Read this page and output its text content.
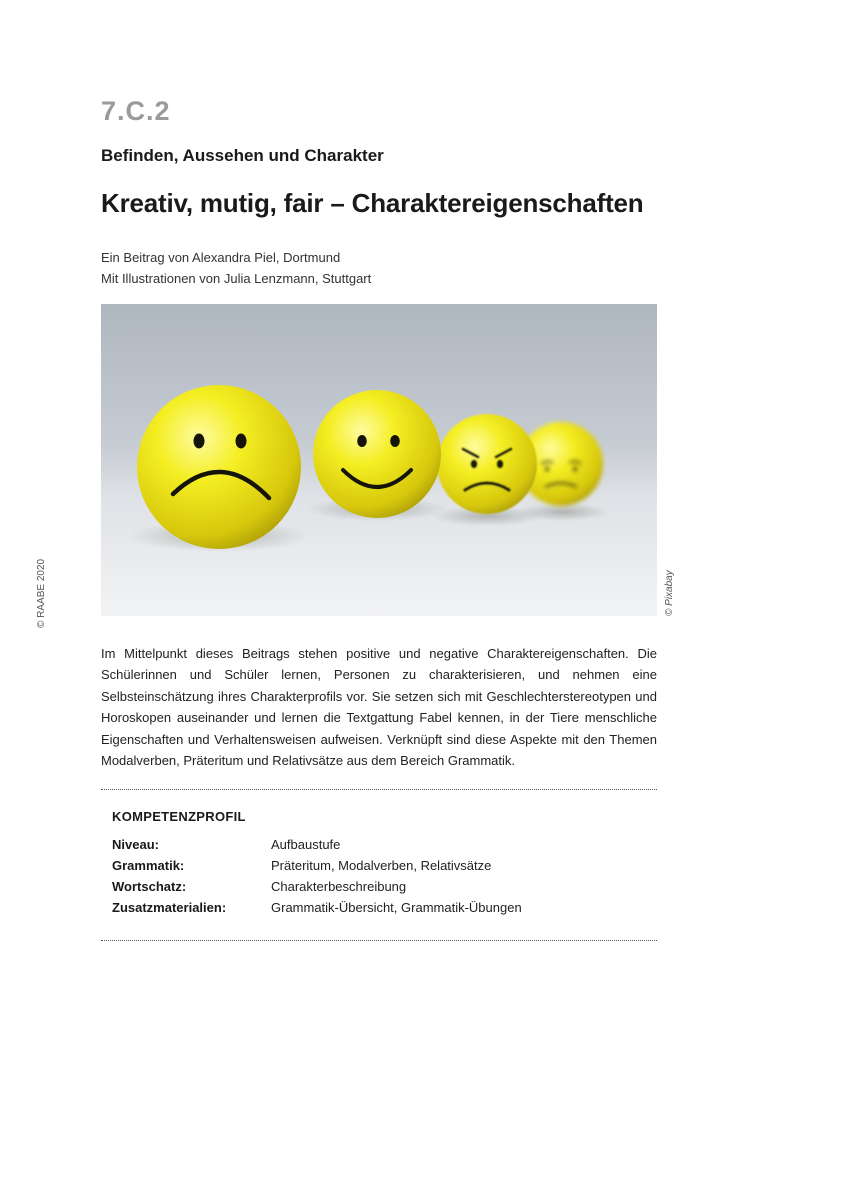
7.C.2
Befinden, Aussehen und Charakter
Kreativ, mutig, fair – Charaktereigenschaften
Ein Beitrag von Alexandra Piel, Dortmund
Mit Illustrationen von Julia Lenzmann, Stuttgart
© RAABE 2020	© Pixabay
Im Mittelpunkt dieses Beitrags stehen positive und negative Charaktereigenschaften. Die Schülerinnen und Schüler lernen, Personen zu charakterisieren, und nehmen eine Selbsteinschätzung ihres Charakterprofils vor. Sie setzen sich mit Geschlechterstereotypen und Horoskopen auseinander und lernen die Textgattung Fabel kennen, in der Tiere menschliche Eigenschaften und Verhaltensweisen aufweisen. Verknüpft sind diese Aspekte mit den Themen Modalverben, Präteritum und Relativsätze aus dem Bereich Grammatik.
KOMPETENZPROFIL
Niveau:	Aufbaustufe
Grammatik:	Präteritum, Modalverben, Relativsätze
Wortschatz:	Charakterbeschreibung
Zusatzmaterialien:	Grammatik-Übersicht, Grammatik-Übungen
